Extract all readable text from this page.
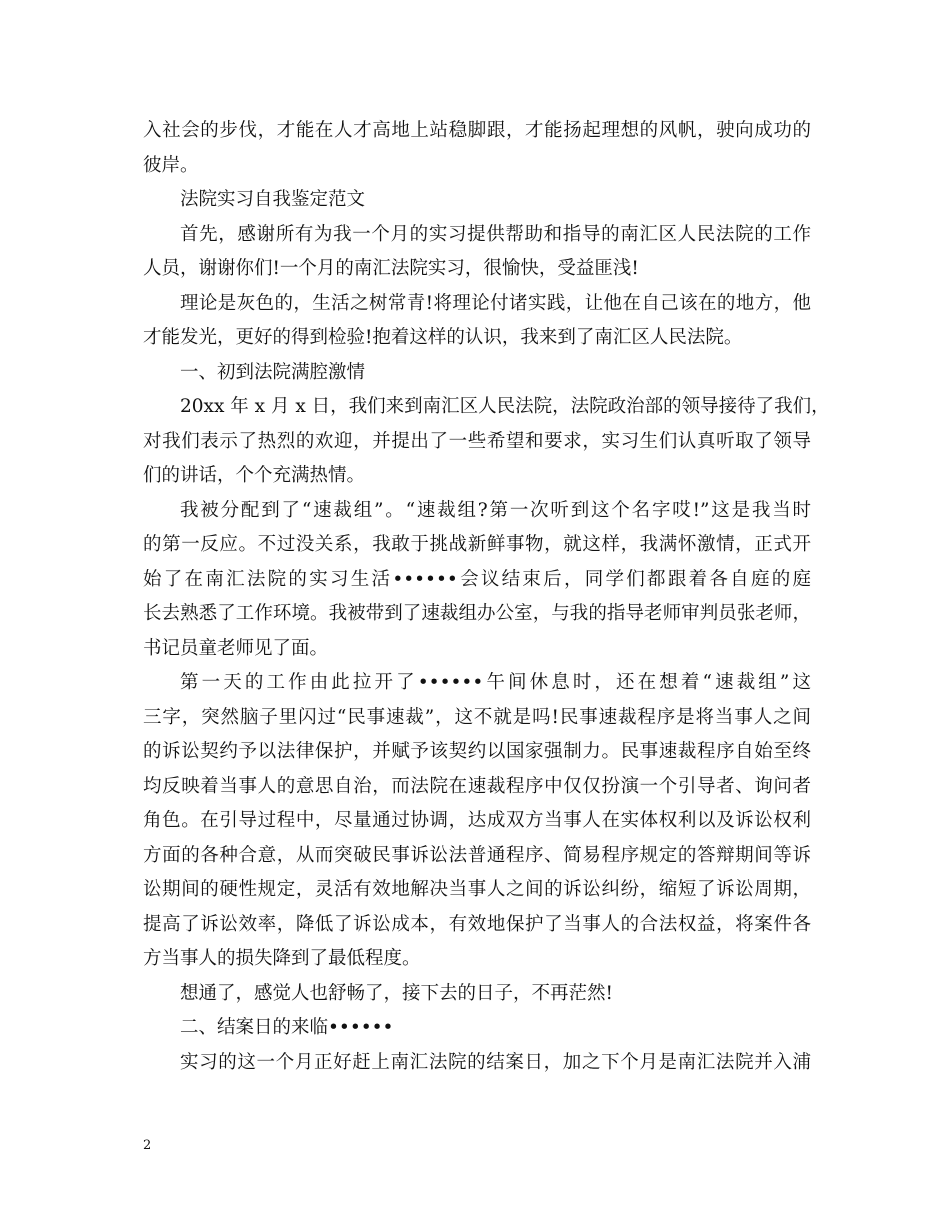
入社会的步伐，才能在人才高地上站稳脚跟，才能扬起理想的风帆，驶向成功的
彼岸。
法院实习自我鉴定范文
首先，感谢所有为我一个月的实习提供帮助和指导的南汇区人民法院的工作
人员，谢谢你们!一个月的南汇法院实习，很愉快，受益匪浅!
理论是灰色的，生活之树常青!将理论付诸实践，让他在自己该在的地方，他
才能发光，更好的得到检验!抱着这样的认识，我来到了南汇区人民法院。
一、初到法院满腔激情
20xx 年 x 月 x 日，我们来到南汇区人民法院，法院政治部的领导接待了我们，
对我们表示了热烈的欢迎，并提出了一些希望和要求，实习生们认真听取了领导
们的讲话，个个充满热情。
我被分配到了“速裁组”。“速裁组?第一次听到这个名字哎!”这是我当时
的第一反应。不过没关系，我敢于挑战新鲜事物，就这样，我满怀激情，正式开
始了在南汇法院的实习生活••••••会议结束后，同学们都跟着各自庭的庭
长去熟悉了工作环境。我被带到了速裁组办公室，与我的指导老师审判员张老师，
书记员童老师见了面。
第一天的工作由此拉开了••••••午间休息时，还在想着“速裁组”这
三字，突然脑子里闪过“民事速裁”，这不就是吗!民事速裁程序是将当事人之间
的诉讼契约予以法律保护，并赋予该契约以国家强制力。民事速裁程序自始至终
均反映着当事人的意思自治，而法院在速裁程序中仅仅扮演一个引导者、询问者
角色。在引导过程中，尽量通过协调，达成双方当事人在实体权利以及诉讼权利
方面的各种合意，从而突破民事诉讼法普通程序、简易程序规定的答辩期间等诉
讼期间的硬性规定，灵活有效地解决当事人之间的诉讼纠纷，缩短了诉讼周期，
提高了诉讼效率，降低了诉讼成本，有效地保护了当事人的合法权益，将案件各
方当事人的损失降到了最低程度。
想通了，感觉人也舒畅了，接下去的日子，不再茫然!
二、结案日的来临••••••
实习的这一个月正好赶上南汇法院的结案日，加之下个月是南汇法院并入浦
2
